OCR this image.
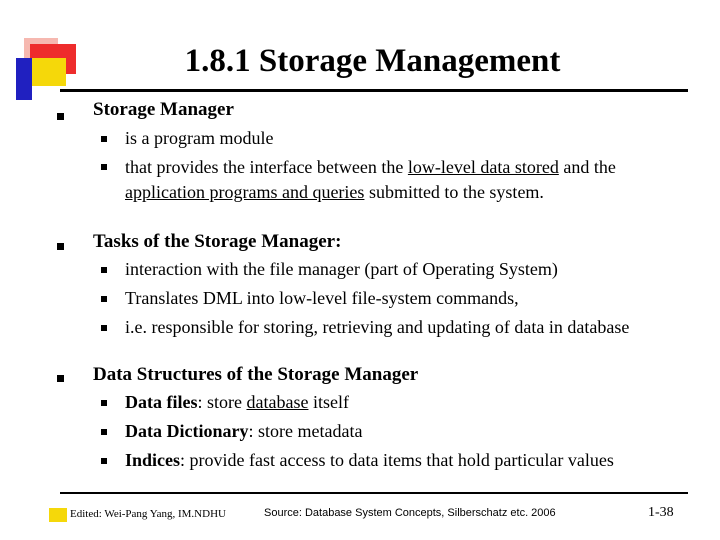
1.8.1 Storage Management
Storage Manager
is a program module
that provides the interface between the low-level data stored and the
application programs and queries submitted to the system.
Tasks of the Storage Manager:
interaction with the file manager (part of Operating System)
Translates DML into low-level file-system commands,
i.e. responsible for storing, retrieving and updating of data in database
Data Structures of the Storage Manager
Data files: store database itself
Data Dictionary: store metadata
Indices: provide fast access to data items that hold particular values
Edited: Wei-Pang Yang, IM.NDHU	Source: Database System Concepts, Silberschatz etc. 2006	1-38
